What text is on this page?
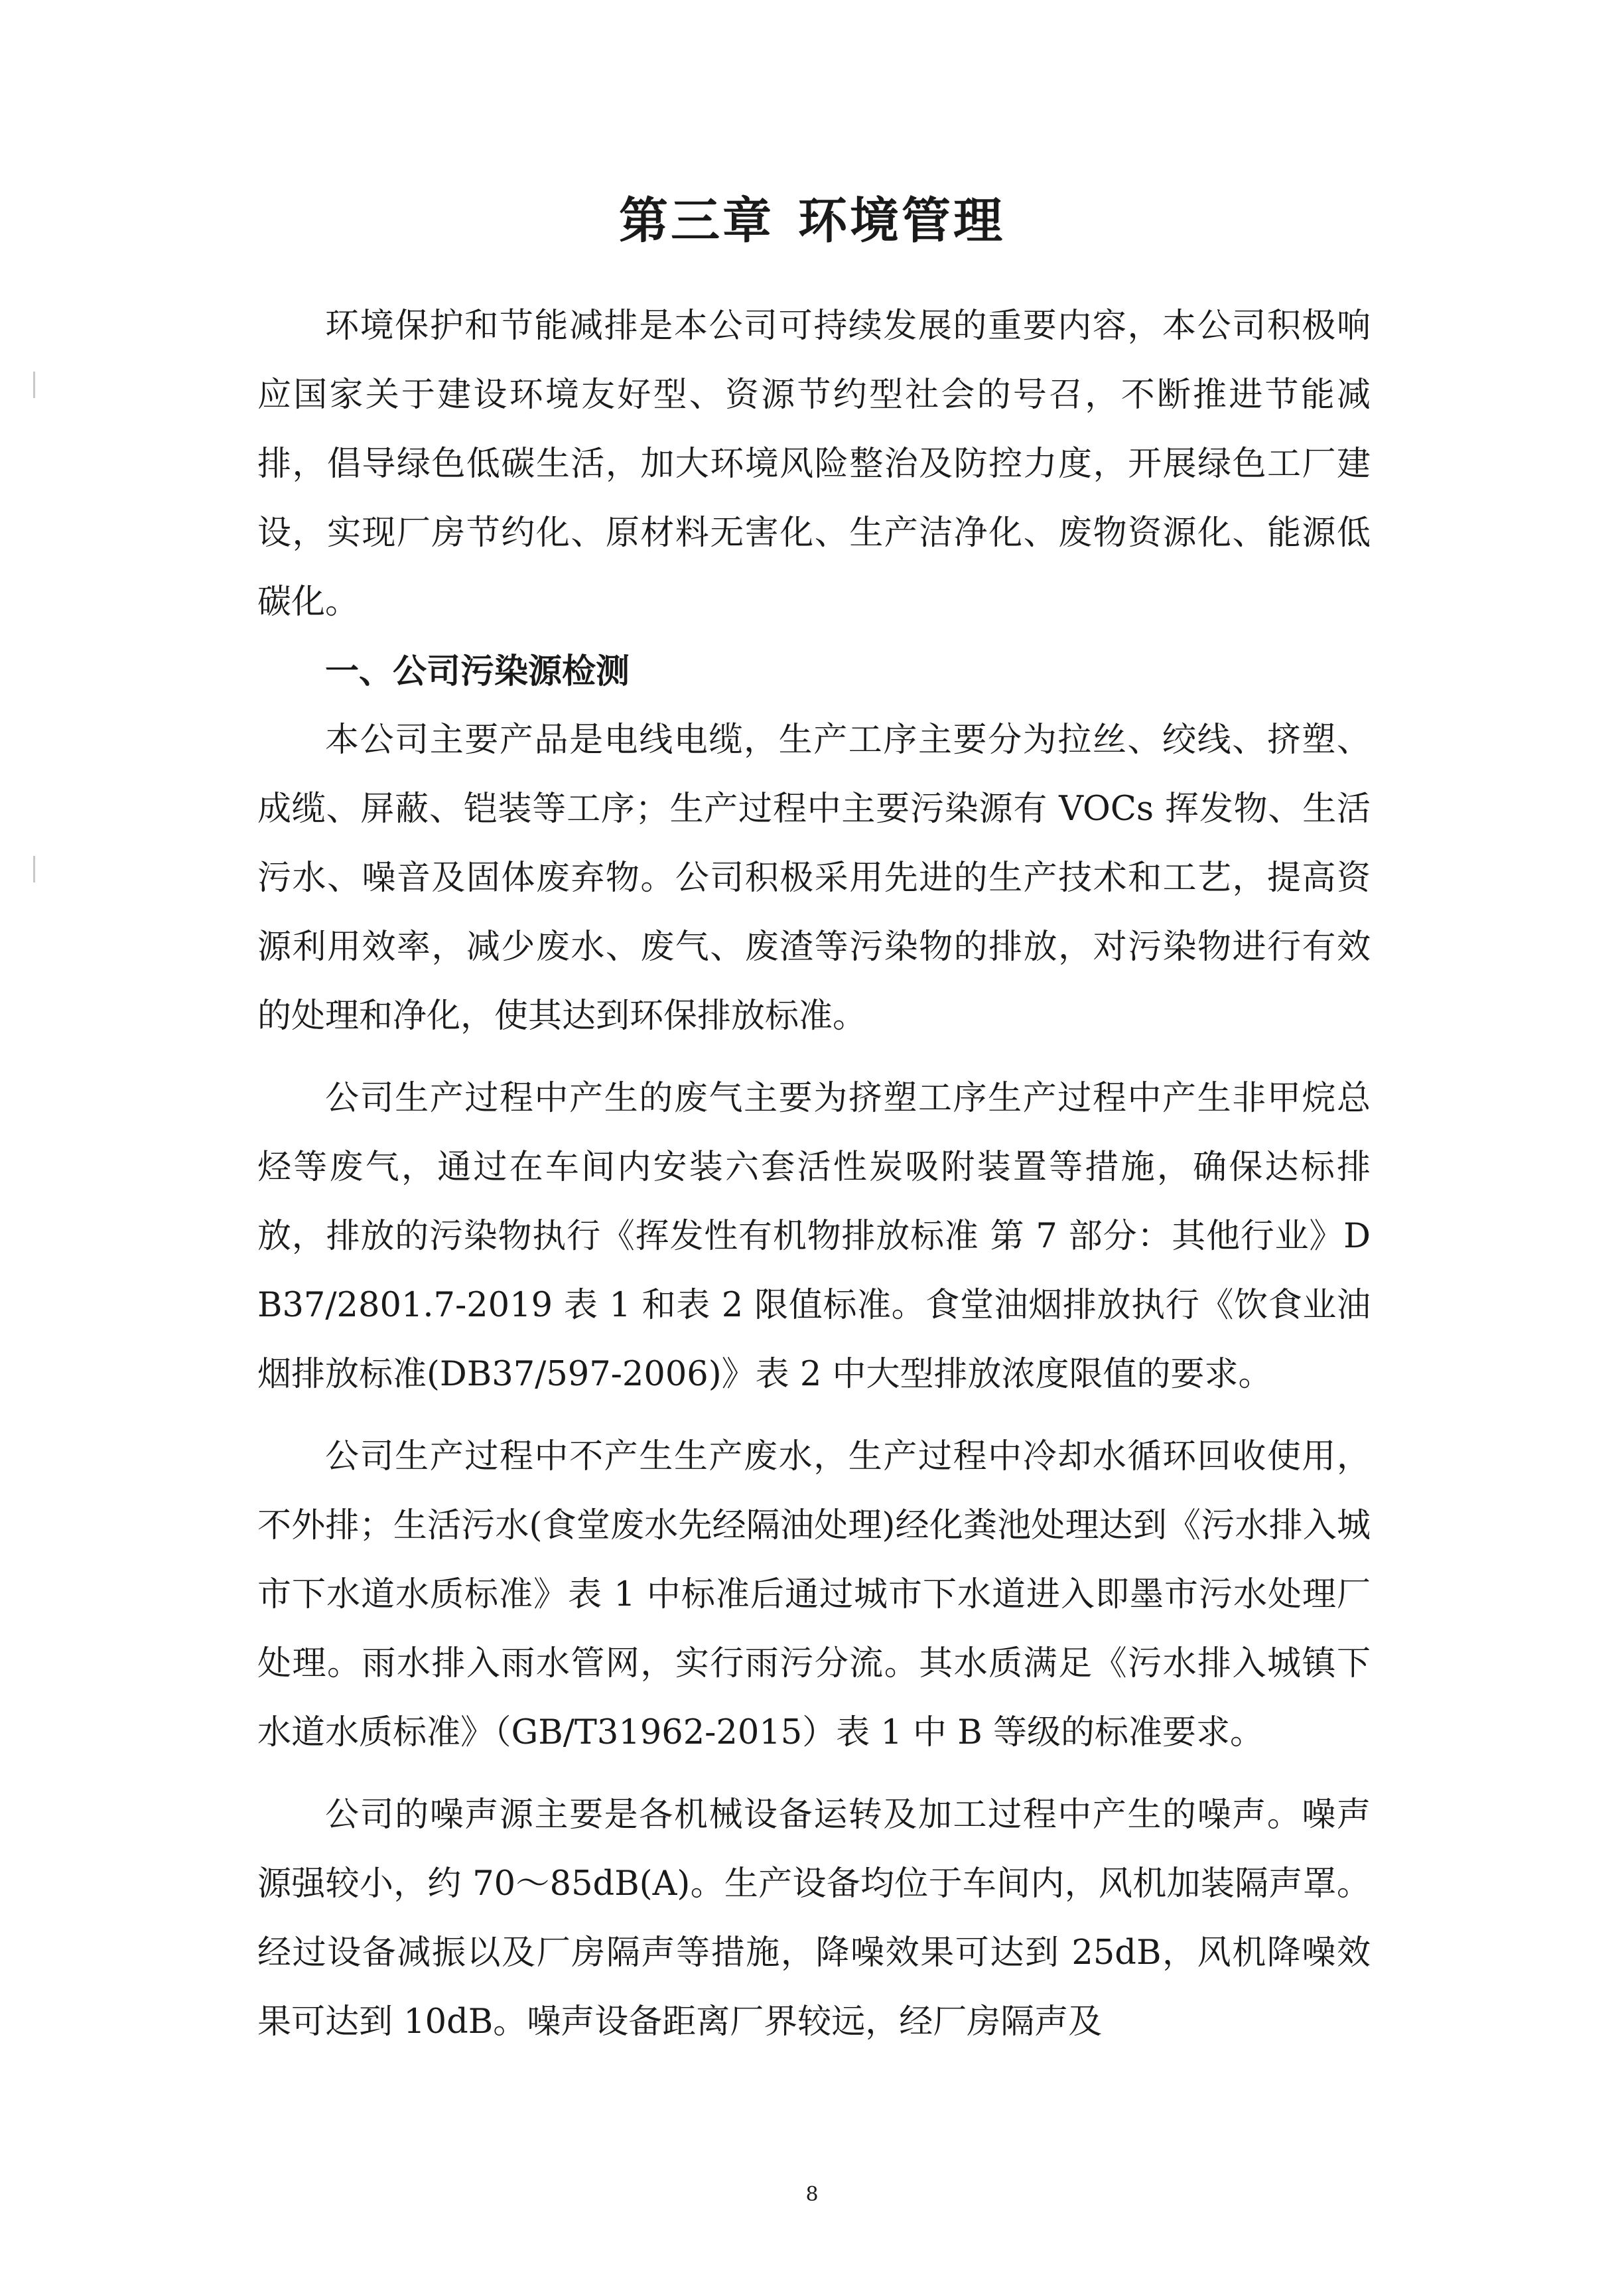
第三章 环境管理

环境保护和节能减排是本公司可持续发展的重要内容，本公司积极响应国家关于建设环境友好型、资源节约型社会的号召，不断推进节能减排，倡导绿色低碳生活，加大环境风险整治及防控力度，开展绿色工厂建设，实现厂房节约化、原材料无害化、生产洁净化、废物资源化、能源低碳化。

一、公司污染源检测

本公司主要产品是电线电缆，生产工序主要分为拉丝、绞线、挤塑、成缆、屏蔽、铠装等工序；生产过程中主要污染源有 VOCs 挥发物、生活污水、噪音及固体废弃物。公司积极采用先进的生产技术和工艺，提高资源利用效率，减少废水、废气、废渣等污染物的排放，对污染物进行有效的处理和净化，使其达到环保排放标准。

公司生产过程中产生的废气主要为挤塑工序生产过程中产生非甲烷总烃等废气，通过在车间内安装六套活性炭吸附装置等措施，确保达标排放，排放的污染物执行《挥发性有机物排放标准 第 7 部分：其他行业》DB37/2801.7-2019 表 1 和表 2 限值标准。食堂油烟排放执行《饮食业油烟排放标准(DB37/597-2006)》表 2 中大型排放浓度限值的要求。

公司生产过程中不产生生产废水，生产过程中冷却水循环回收使用，不外排；生活污水(食堂废水先经隔油处理)经化粪池处理达到《污水排入城市下水道水质标准》表 1 中标准后通过城市下水道进入即墨市污水处理厂处理。雨水排入雨水管网，实行雨污分流。其水质满足《污水排入城镇下水道水质标准》（GB/T31962-2015）表 1 中 B 等级的标准要求。

公司的噪声源主要是各机械设备运转及加工过程中产生的噪声。噪声源强较小，约 70～85dB(A)。生产设备均位于车间内，风机加装隔声罩。经过设备减振以及厂房隔声等措施，降噪效果可达到 25dB，风机降噪效果可达到 10dB。噪声设备距离厂界较远，经厂房隔声及

8
